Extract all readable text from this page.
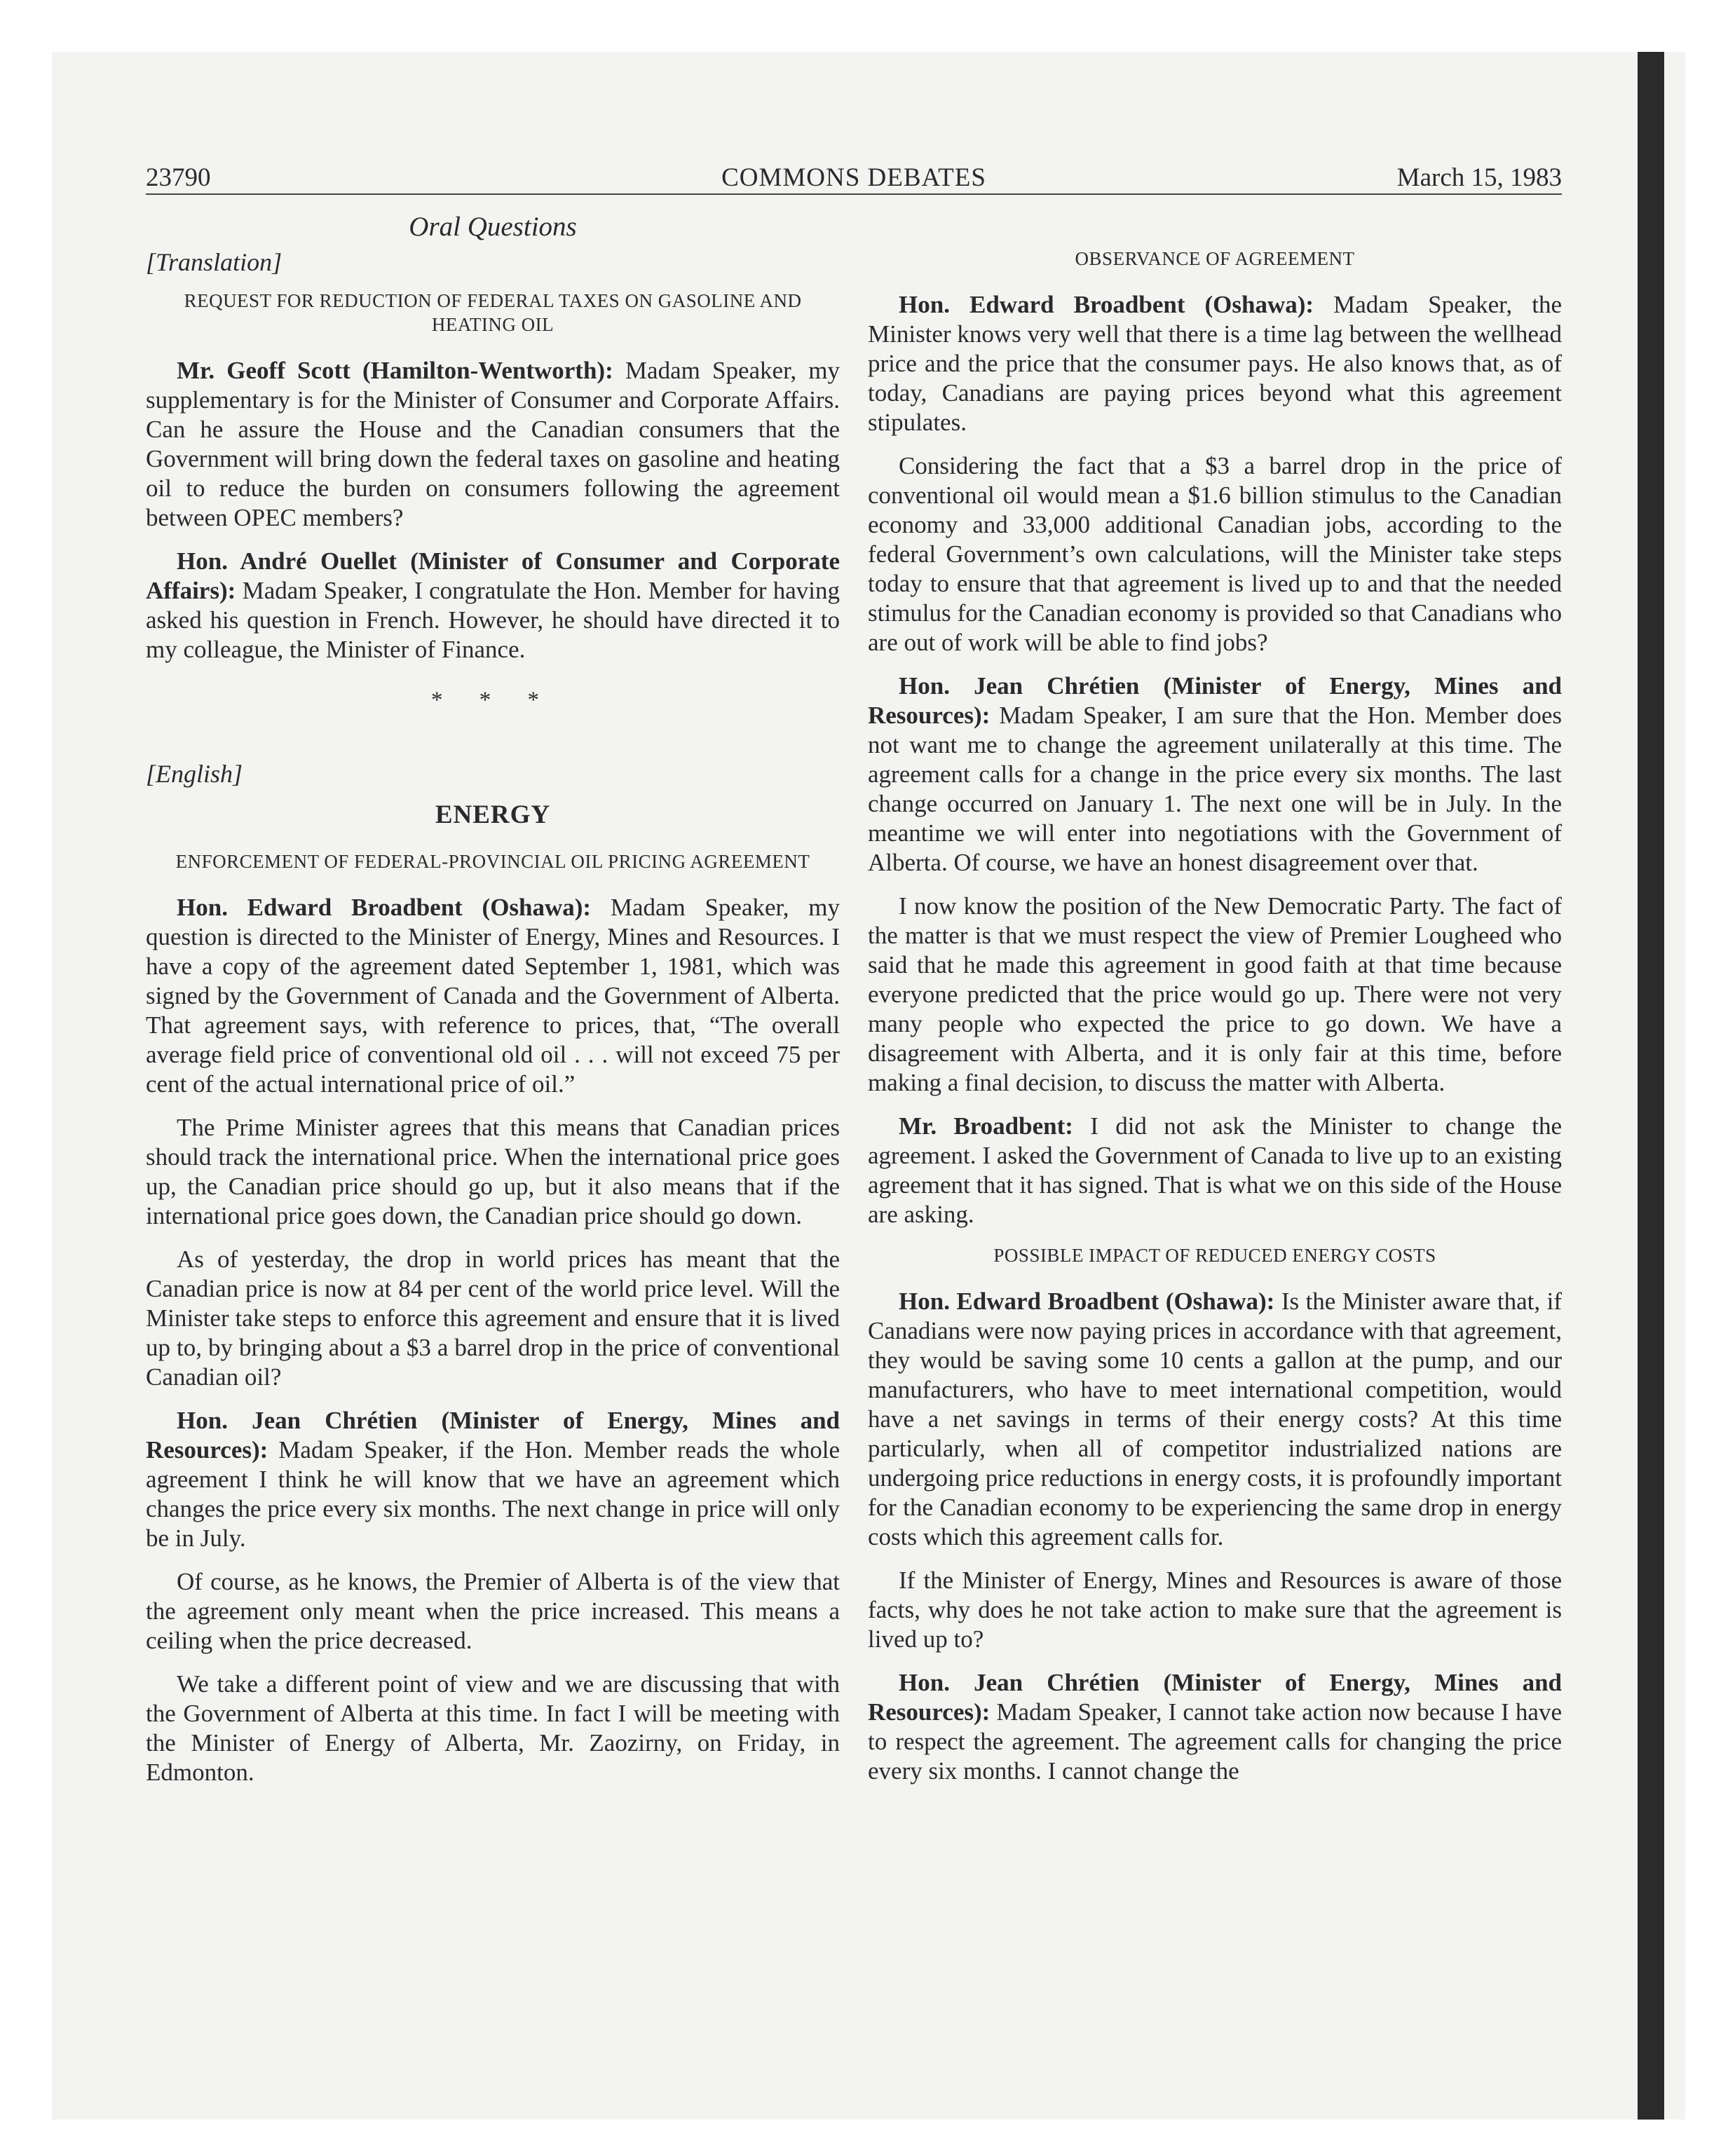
23790	COMMONS DEBATES	March 15, 1983
Oral Questions
[Translation]
REQUEST FOR REDUCTION OF FEDERAL TAXES ON GASOLINE AND HEATING OIL

Mr. Geoff Scott (Hamilton-Wentworth): Madam Speaker, my supplementary is for the Minister of Consumer and Corporate Affairs. Can he assure the House and the Canadian consumers that the Government will bring down the federal taxes on gasoline and heating oil to reduce the burden on consumers following the agreement between OPEC members?

Hon. André Ouellet (Minister of Consumer and Corporate Affairs): Madam Speaker, I congratulate the Hon. Member for having asked his question in French. However, he should have directed it to my colleague, the Minister of Finance.

* * *
[English]
ENERGY
ENFORCEMENT OF FEDERAL-PROVINCIAL OIL PRICING AGREEMENT

Hon. Edward Broadbent (Oshawa): Madam Speaker, my question is directed to the Minister of Energy, Mines and Resources. I have a copy of the agreement dated September 1, 1981, which was signed by the Government of Canada and the Government of Alberta. That agreement says, with reference to prices, that, “The overall average field price of conventional old oil . . . will not exceed 75 per cent of the actual international price of oil.”

The Prime Minister agrees that this means that Canadian prices should track the international price. When the international price goes up, the Canadian price should go up, but it also means that if the international price goes down, the Canadian price should go down.

As of yesterday, the drop in world prices has meant that the Canadian price is now at 84 per cent of the world price level. Will the Minister take steps to enforce this agreement and ensure that it is lived up to, by bringing about a $3 a barrel drop in the price of conventional Canadian oil?

Hon. Jean Chrétien (Minister of Energy, Mines and Resources): Madam Speaker, if the Hon. Member reads the whole agreement I think he will know that we have an agreement which changes the price every six months. The next change in price will only be in July.

Of course, as he knows, the Premier of Alberta is of the view that the agreement only meant when the price increased. This means a ceiling when the price decreased.

We take a different point of view and we are discussing that with the Government of Alberta at this time. In fact I will be meeting with the Minister of Energy of Alberta, Mr. Zaozirny, on Friday, in Edmonton.

OBSERVANCE OF AGREEMENT

Hon. Edward Broadbent (Oshawa): Madam Speaker, the Minister knows very well that there is a time lag between the wellhead price and the price that the consumer pays. He also knows that, as of today, Canadians are paying prices beyond what this agreement stipulates.

Considering the fact that a $3 a barrel drop in the price of conventional oil would mean a $1.6 billion stimulus to the Canadian economy and 33,000 additional Canadian jobs, according to the federal Government’s own calculations, will the Minister take steps today to ensure that that agreement is lived up to and that the needed stimulus for the Canadian economy is provided so that Canadians who are out of work will be able to find jobs?

Hon. Jean Chrétien (Minister of Energy, Mines and Resources): Madam Speaker, I am sure that the Hon. Member does not want me to change the agreement unilaterally at this time. The agreement calls for a change in the price every six months. The last change occurred on January 1. The next one will be in July. In the meantime we will enter into negotiations with the Government of Alberta. Of course, we have an honest disagreement over that.

I now know the position of the New Democratic Party. The fact of the matter is that we must respect the view of Premier Lougheed who said that he made this agreement in good faith at that time because everyone predicted that the price would go up. There were not very many people who expected the price to go down. We have a disagreement with Alberta, and it is only fair at this time, before making a final decision, to discuss the matter with Alberta.

Mr. Broadbent: I did not ask the Minister to change the agreement. I asked the Government of Canada to live up to an existing agreement that it has signed. That is what we on this side of the House are asking.

POSSIBLE IMPACT OF REDUCED ENERGY COSTS

Hon. Edward Broadbent (Oshawa): Is the Minister aware that, if Canadians were now paying prices in accordance with that agreement, they would be saving some 10 cents a gallon at the pump, and our manufacturers, who have to meet international competition, would have a net savings in terms of their energy costs? At this time particularly, when all of competitor industrialized nations are undergoing price reductions in energy costs, it is profoundly important for the Canadian economy to be experiencing the same drop in energy costs which this agreement calls for.

If the Minister of Energy, Mines and Resources is aware of those facts, why does he not take action to make sure that the agreement is lived up to?

Hon. Jean Chrétien (Minister of Energy, Mines and Resources): Madam Speaker, I cannot take action now because I have to respect the agreement. The agreement calls for changing the price every six months. I cannot change the
